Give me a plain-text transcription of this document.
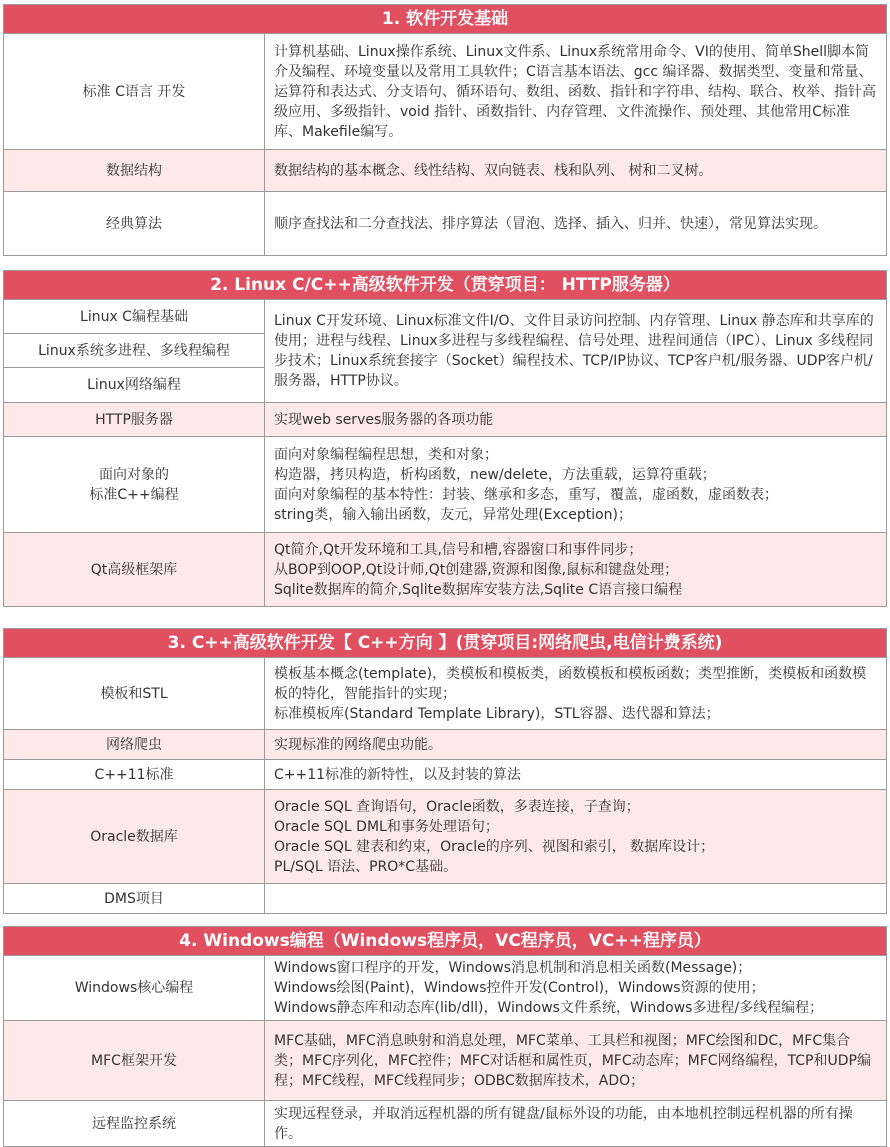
1. 软件开发基础
标准 C语言 开发	计算机基础、Linux操作系统、Linux文件系、Linux系统常用命令、VI的使用、简单Shell脚本简介及编程、环境变量以及常用工具软件；C语言基本语法、gcc 编译器、数据类型、变量和常量、运算符和表达式、分支语句、循环语句、数组、函数、指针和字符串、结构、联合、枚举、指针高级应用、多级指针、void 指针、函数指针、内存管理、文件流操作、预处理、其他常用C标准库、Makefile编写。
数据结构	数据结构的基本概念、线性结构、双向链表、栈和队列、 树和二叉树。
经典算法	顺序查找法和二分查找法、排序算法（冒泡、选择、插入、归并、快速），常见算法实现。
2. Linux C/C++高级软件开发（贯穿项目： HTTP服务器）
Linux C编程基础	Linux C开发环境、Linux标准文件I/O、文件目录访问控制、内存管理、Linux 静态库和共享库的使用；进程与线程、Linux多进程与多线程编程、信号处理、进程间通信（IPC）、Linux 多线程同步技术；Linux系统套接字（Socket）编程技术、TCP/IP协议、TCP客户机/服务器、UDP客户机/服务器，HTTP协议。
Linux系统多进程、多线程编程	
Linux网络编程	
HTTP服务器	实现web serves服务器的各项功能

面向对象的
标准C++编程	面向对象编程编程思想，类和对象；
构造器，拷贝构造，析构函数，new/delete，方法重载，运算符重载；
面向对象编程的基本特性：封装、继承和多态，重写，覆盖，虚函数，虚函数表；
string类，输入输出函数，友元，异常处理(Exception)；

Qt高级框架库	Qt简介,Qt开发环境和工具,信号和槽,容器窗口和事件同步；
从BOP到OOP,Qt设计师,Qt创建器,资源和图像,鼠标和键盘处理；
Sqlite数据库的简介,Sqlite数据库安装方法,Sqlite C语言接口编程
3. C++高级软件开发【 C++方向 】(贯穿项目:网络爬虫,电信计费系统)
模板和STL	模板基本概念(template)，类模板和模板类，函数模板和模板函数；类型推断，类模板和函数模板的特化，智能指针的实现；
标准模板库(Standard Template Library)，STL容器、迭代器和算法；

网络爬虫	实现标准的网络爬虫功能。
C++11标准	C++11标准的新特性，以及封装的算法
Oracle数据库	Oracle SQL 查询语句，Oracle函数，多表连接，子查询；
Oracle SQL DML和事务处理语句；
Oracle SQL 建表和约束，Oracle的序列、视图和索引， 数据库设计；
PL/SQL 语法、PRO*C基础。

DMS项目	
4. Windows编程（Windows程序员，VC程序员，VC++程序员）
Windows核心编程	Windows窗口程序的开发，Windows消息机制和消息相关函数(Message)；
Windows绘图(Paint)，Windows控件开发(Control)，Windows资源的使用；
Windows静态库和动态库(lib/dll)，Windows文件系统，Windows多进程/多线程编程；

MFC框架开发	MFC基础，MFC消息映射和消息处理，MFC菜单、工具栏和视图；MFC绘图和DC，MFC集合类；MFC序列化，MFC控件；MFC对话框和属性页，MFC动态库；MFC网络编程，TCP和UDP编程；MFC线程，MFC线程同步；ODBC数据库技术，ADO；
远程监控系统	实现远程登录，并取消远程机器的所有键盘/鼠标外设的功能，由本地机控制远程机器的所有操作。
